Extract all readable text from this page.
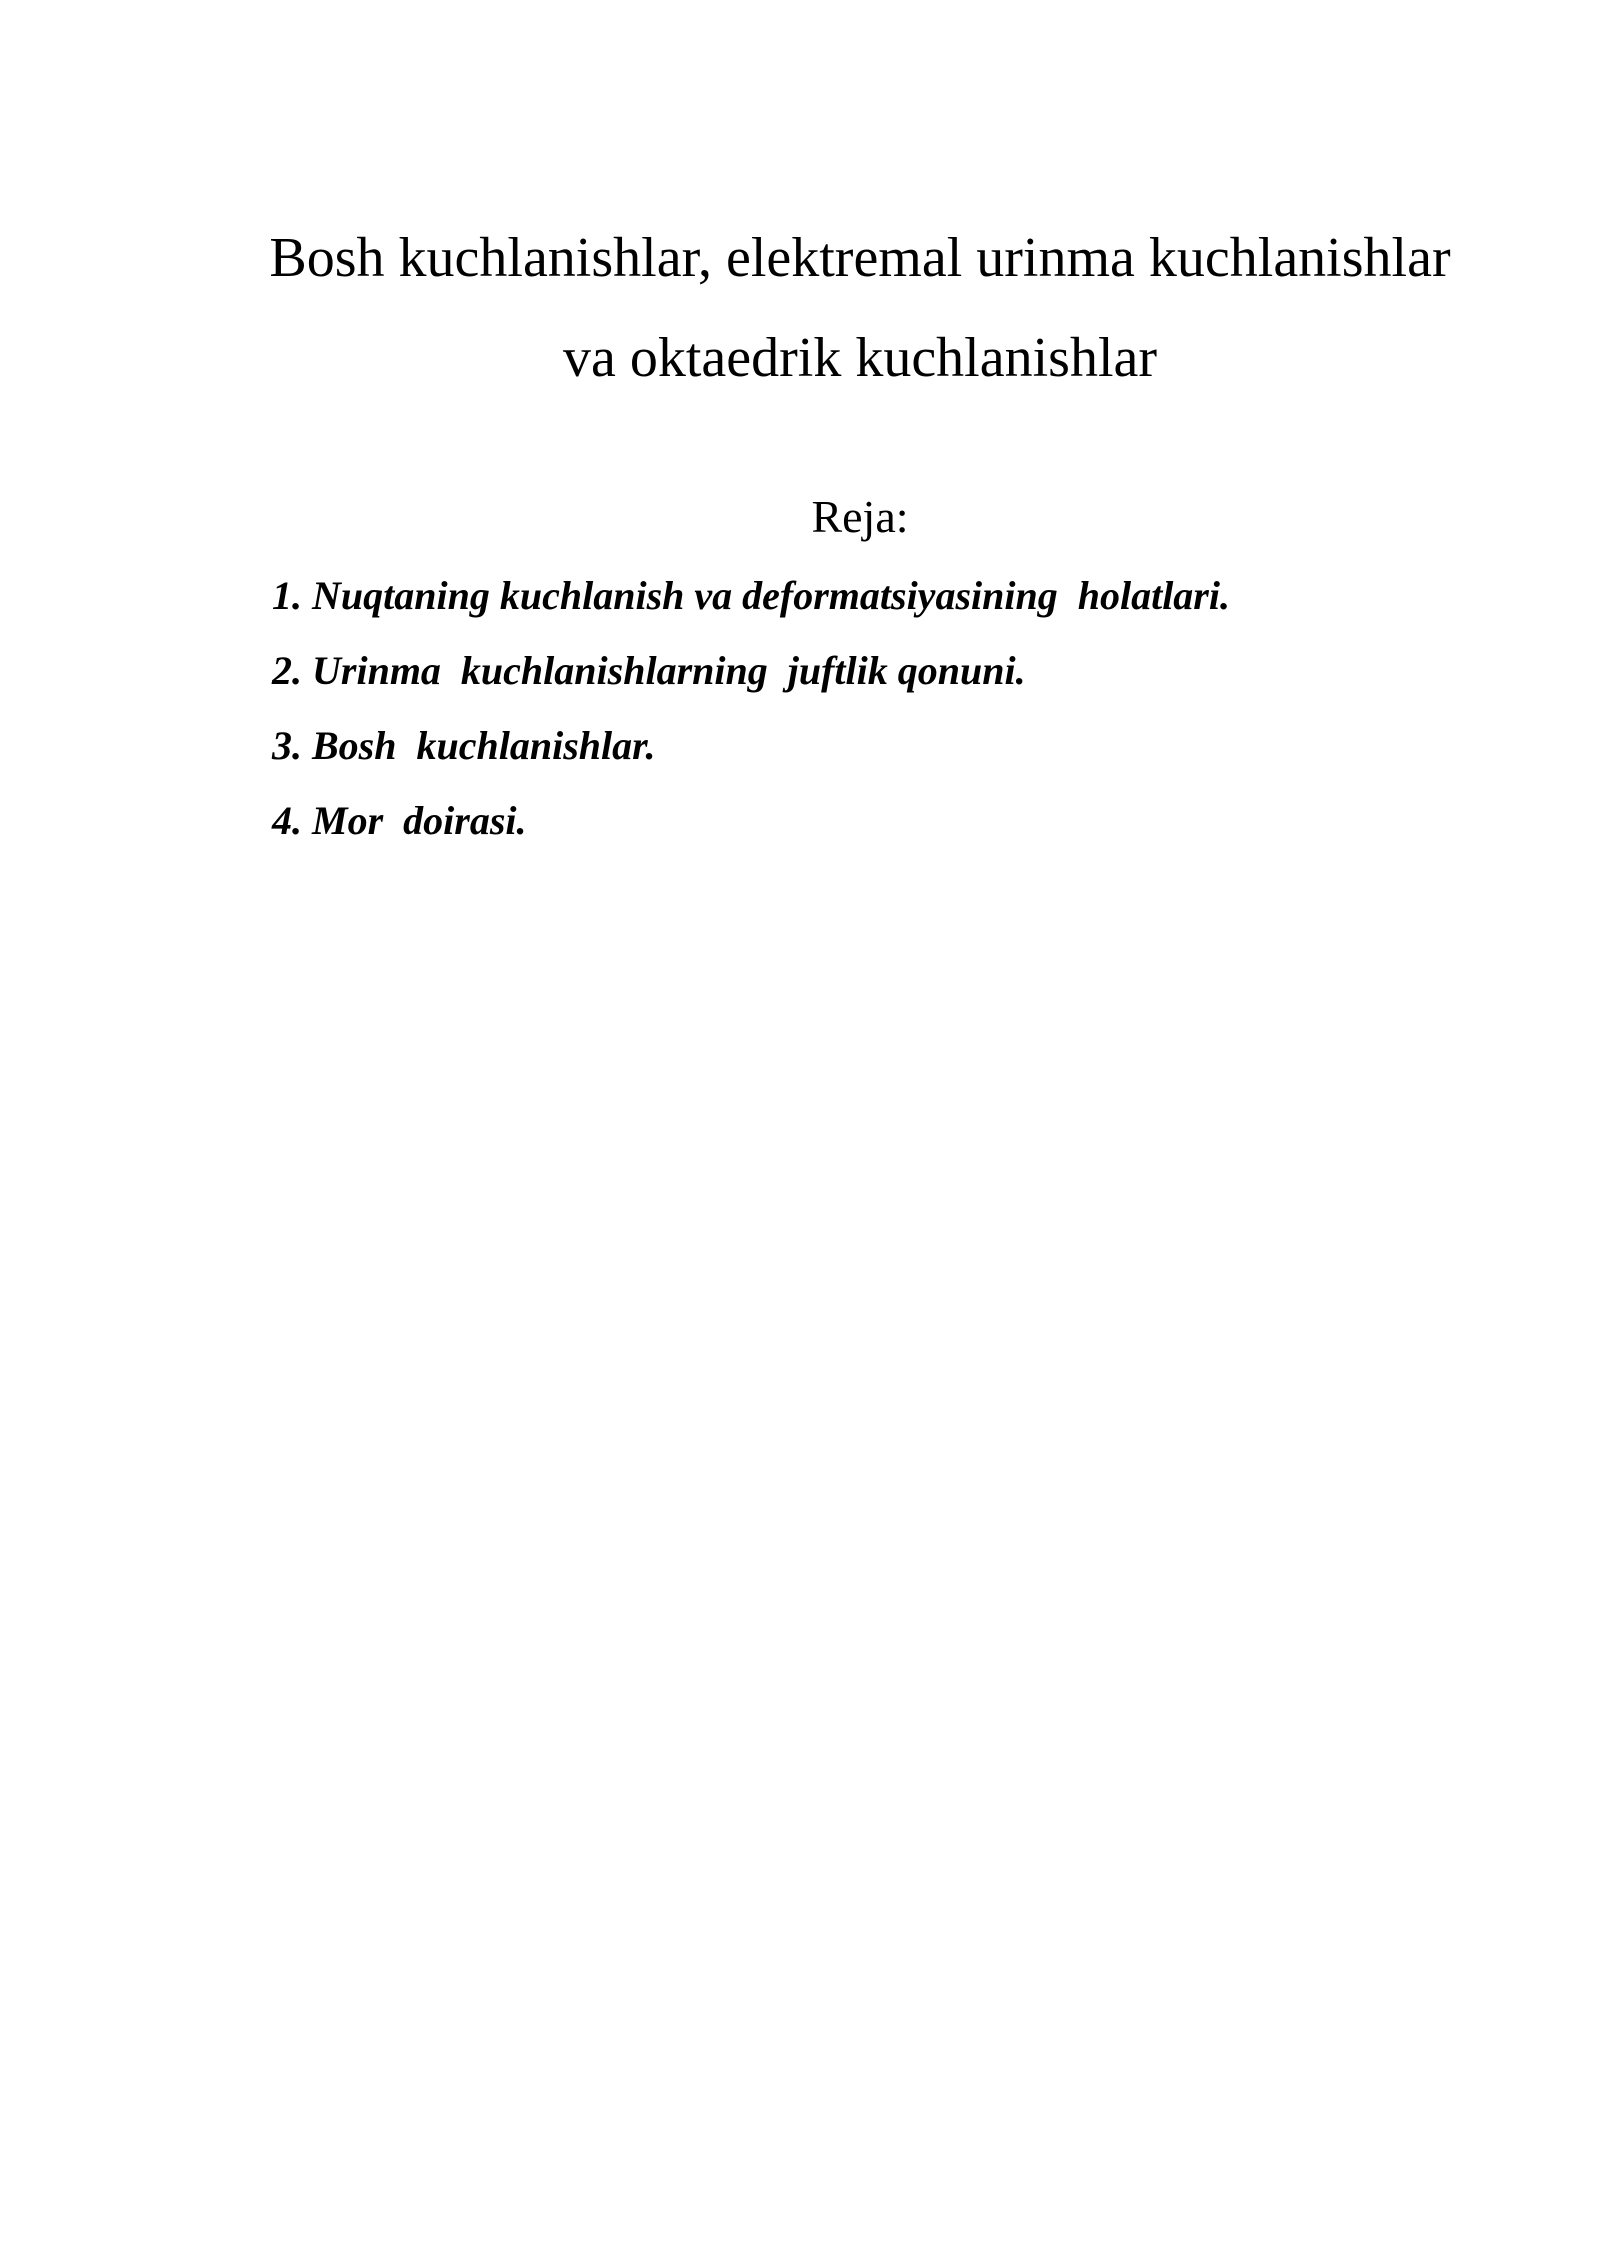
Bosh kuchlanishlar, elektremal urinma kuchlanishlar
va oktaedrik kuchlanishlar
Reja:
1. Nuqtaning kuchlanish va deformatsiyasining  holatlari.
2. Urinma  kuchlanishlarning  juftlik qonuni.
3. Bosh  kuchlanishlar.
4. Mor  doirasi.
